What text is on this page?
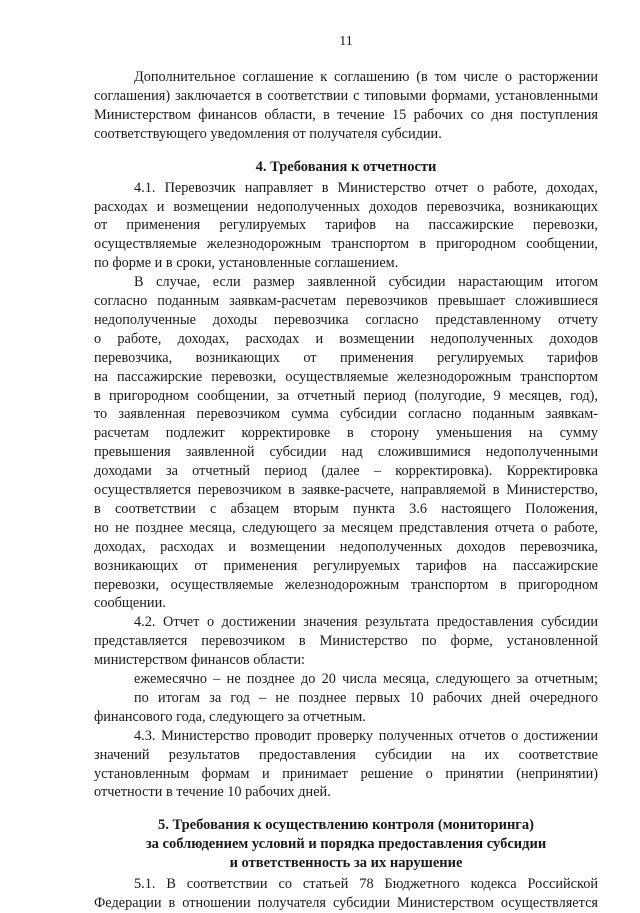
11
Дополнительное соглашение к соглашению (в том числе о расторжении
соглашения) заключается в соответствии с типовыми формами, установленными
Министерством финансов области, в течение 15 рабочих со дня поступления
соответствующего уведомления от получателя субсидии.
4. Требования к отчетности
4.1. Перевозчик направляет в Министерство отчет о работе, доходах,
расходах и возмещении недополученных доходов перевозчика, возникающих
от применения регулируемых тарифов на пассажирские перевозки,
осуществляемые железнодорожным транспортом в пригородном сообщении,
по форме и в сроки, установленные соглашением.
В случае, если размер заявленной субсидии нарастающим итогом
согласно поданным заявкам-расчетам перевозчиков превышает сложившиеся
недополученные доходы перевозчика согласно представленному отчету
о работе, доходах, расходах и возмещении недополученных доходов
перевозчика, возникающих от применения регулируемых тарифов
на пассажирские перевозки, осуществляемые железнодорожным транспортом
в пригородном сообщении, за отчетный период (полугодие, 9 месяцев, год),
то заявленная перевозчиком сумма субсидии согласно поданным заявкам-
расчетам подлежит корректировке в сторону уменьшения на сумму
превышения заявленной субсидии над сложившимися недополученными
доходами за отчетный период (далее – корректировка). Корректировка
осуществляется перевозчиком в заявке-расчете, направляемой в Министерство,
в соответствии с абзацем вторым пункта 3.6 настоящего Положения,
но не позднее месяца, следующего за месяцем представления отчета о работе,
доходах, расходах и возмещении недополученных доходов перевозчика,
возникающих от применения регулируемых тарифов на пассажирские
перевозки, осуществляемые железнодорожным транспортом в пригородном
сообщении.
4.2. Отчет о достижении значения результата предоставления субсидии
представляется перевозчиком в Министерство по форме, установленной
министерством финансов области:
ежемесячно – не позднее до 20 числа месяца, следующего за отчетным;
по итогам за год – не позднее первых 10 рабочих дней очередного
финансового года, следующего за отчетным.
4.3. Министерство проводит проверку полученных отчетов о достижении
значений результатов предоставления субсидии на их соответствие
установленным формам и принимает решение о принятии (непринятии)
отчетности в течение 10 рабочих дней.
5. Требования к осуществлению контроля (мониторинга)
за соблюдением условий и порядка предоставления субсидии
и ответственность за их нарушение
5.1. В соответствии со статьей 78 Бюджетного кодекса Российской
Федерации в отношении получателя субсидии Министерством осуществляется
